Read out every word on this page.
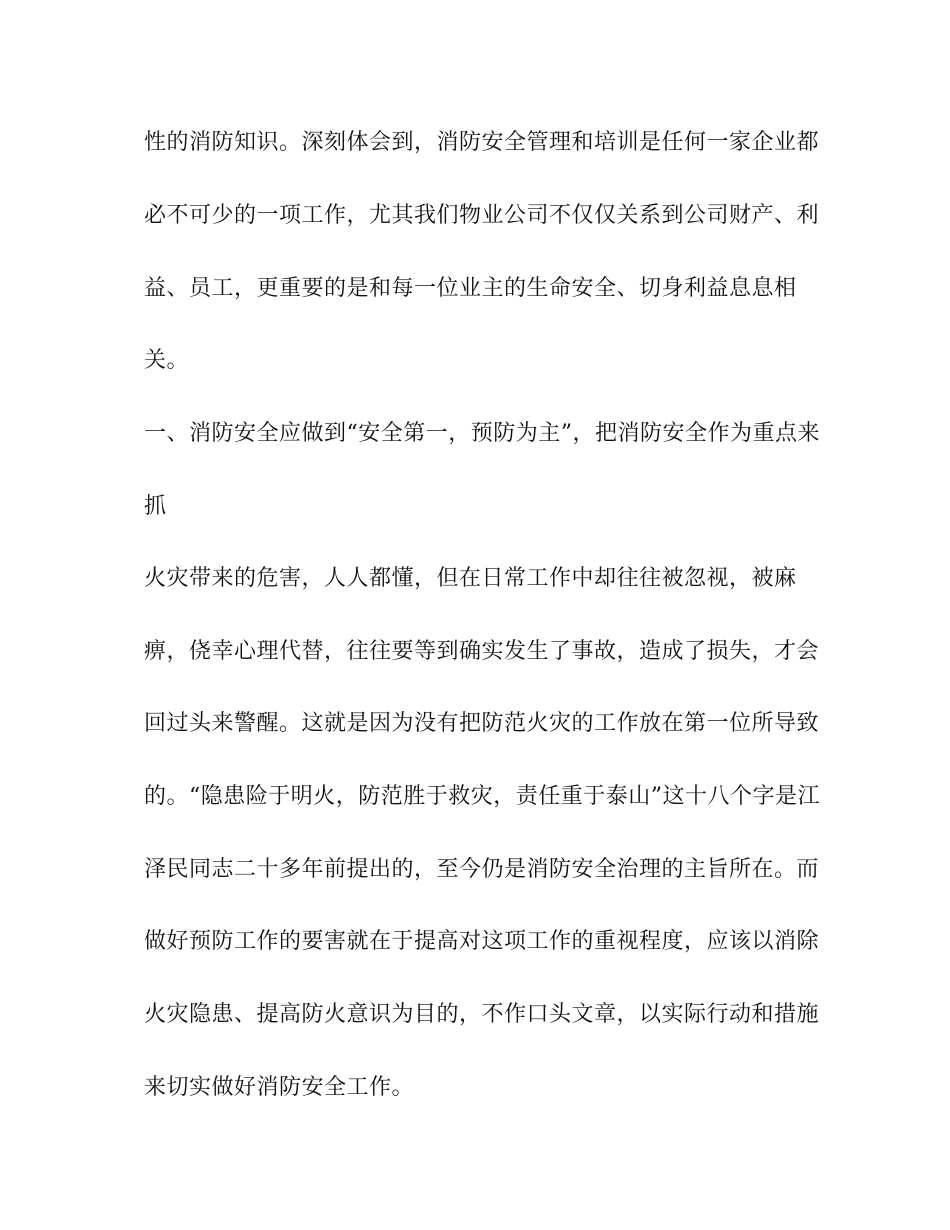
性的消防知识。深刻体会到，消防安全管理和培训是任何一家企业都
必不可少的一项工作，尤其我们物业公司不仅仅关系到公司财产、利
益、员工，更重要的是和每一位业主的生命安全、切身利益息息相
关。
一、消防安全应做到“安全第一，预防为主”，把消防安全作为重点来
抓
火灾带来的危害，人人都懂，但在日常工作中却往往被忽视，被麻
痹，侥幸心理代替，往往要等到确实发生了事故，造成了损失，才会
回过头来警醒。这就是因为没有把防范火灾的工作放在第一位所导致
的。“隐患险于明火，防范胜于救灾，责任重于泰山”这十八个字是江
泽民同志二十多年前提出的，至今仍是消防安全治理的主旨所在。而
做好预防工作的要害就在于提高对这项工作的重视程度，应该以消除
火灾隐患、提高防火意识为目的，不作口头文章，以实际行动和措施
来切实做好消防安全工作。
